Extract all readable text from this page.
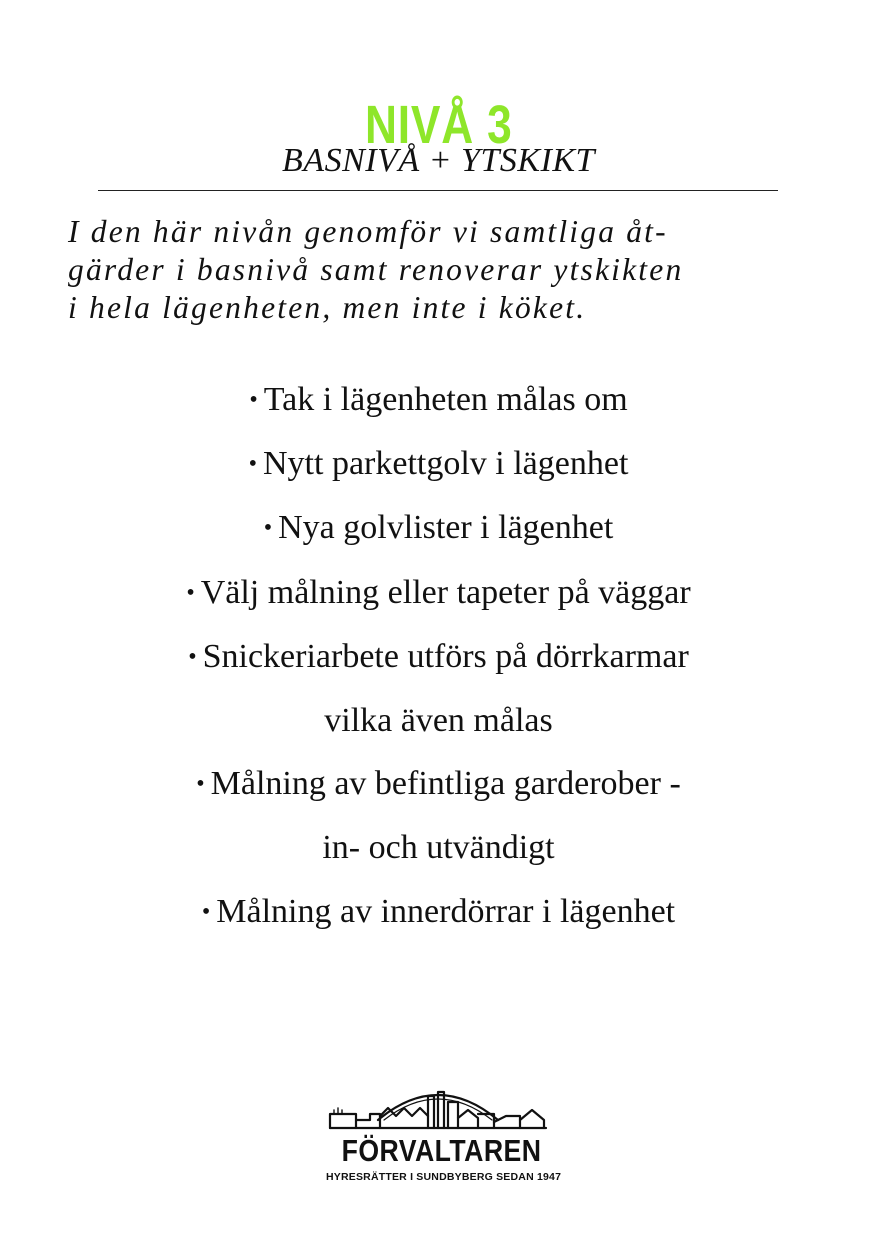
NIVÅ 3
BASNIVÅ + YTSKIKT

I den här nivån genomför vi samtliga åt-
gärder i basnivå samt renoverar ytskikten
i hela lägenheten, men inte i köket.

• Tak i lägenheten målas om
• Nytt parkettgolv i lägenhet
• Nya golvlister i lägenhet
• Välj målning eller tapeter på väggar
• Snickeriarbete utförs på dörrkarmar
vilka även målas
• Målning av befintliga garderober -
in- och utvändigt
• Målning av innerdörrar i lägenhet
FÖRVALTAREN
HYRESRÄTTER I SUNDBYBERG SEDAN 1947
